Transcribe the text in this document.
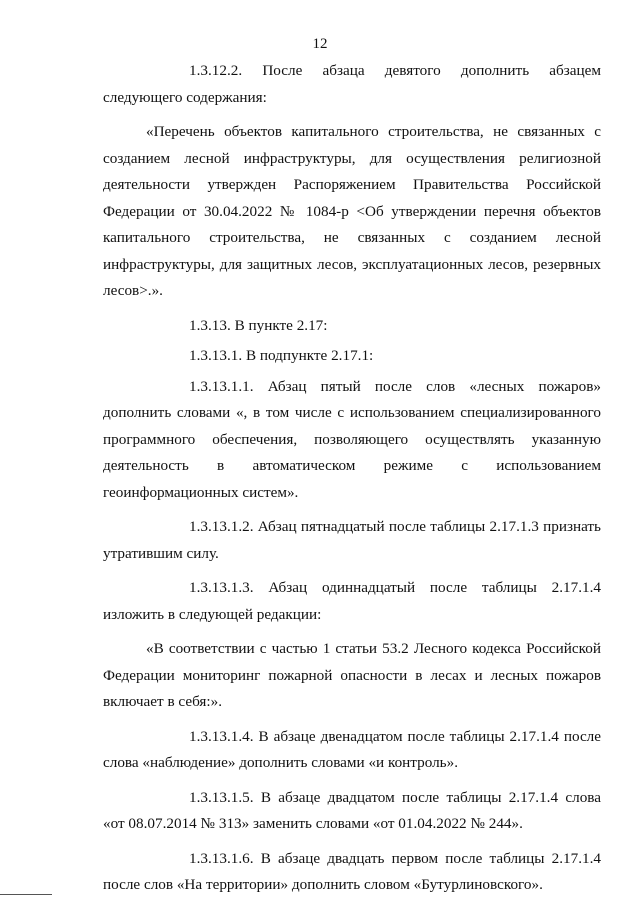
12

1.3.12.2. После абзаца девятого дополнить абзацем следующего содержания:

«Перечень объектов капитального строительства, не связанных с созданием лесной инфраструктуры, для осуществления религиозной деятельности утвержден Распоряжением Правительства Российской Федерации от 30.04.2022 № 1084-р <Об утверждении перечня объектов капитального строительства, не связанных с созданием лесной инфраструктуры, для защитных лесов, эксплуатационных лесов, резервных лесов>.».

1.3.13. В пункте 2.17:

1.3.13.1. В подпункте 2.17.1:

1.3.13.1.1. Абзац пятый после слов «лесных пожаров» дополнить словами «, в том числе с использованием специализированного программного обеспечения, позволяющего осуществлять указанную деятельность в автоматическом режиме с использованием геоинформационных систем».

1.3.13.1.2. Абзац пятнадцатый после таблицы 2.17.1.3 признать утратившим силу.

1.3.13.1.3. Абзац одиннадцатый после таблицы 2.17.1.4 изложить в следующей редакции:

«В соответствии с частью 1 статьи 53.2 Лесного кодекса Российской Федерации мониторинг пожарной опасности в лесах и лесных пожаров включает в себя:».

1.3.13.1.4. В абзаце двенадцатом после таблицы 2.17.1.4 после слова «наблюдение» дополнить словами «и контроль».

1.3.13.1.5. В абзаце двадцатом после таблицы 2.17.1.4 слова «от 08.07.2014 № 313» заменить словами «от 01.04.2022 № 244».

1.3.13.1.6. В абзаце двадцать первом после таблицы 2.17.1.4 после слов «На территории» дополнить словом «Бутурлиновского».
